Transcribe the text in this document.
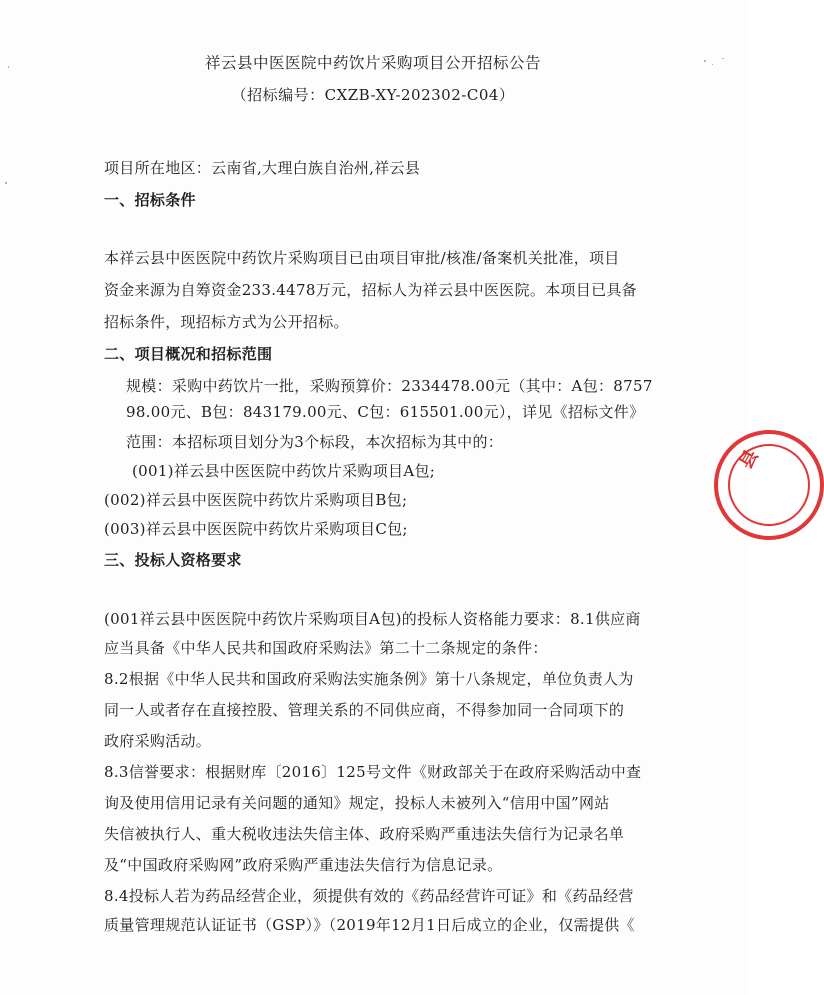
祥云县中医医院中药饮片采购项目公开招标公告
（招标编号：CXZB-XY-202302-C04）
项目所在地区：云南省,大理白族自治州,祥云县
一、招标条件
本祥云县中医医院中药饮片采购项目已由项目审批/核准/备案机关批准，项目
资金来源为自筹资金233.4478万元，招标人为祥云县中医医院。本项目已具备
招标条件，现招标方式为公开招标。
二、项目概况和招标范围
规模：采购中药饮片一批，采购预算价：2334478.00元（其中：A包：8757
98.00元、B包：843179.00元、C包：615501.00元），详见《招标文件》
范围：本招标项目划分为3个标段，本次招标为其中的：
(001)祥云县中医医院中药饮片采购项目A包;
(002)祥云县中医医院中药饮片采购项目B包;
(003)祥云县中医医院中药饮片采购项目C包;
三、投标人资格要求
(001祥云县中医医院中药饮片采购项目A包)的投标人资格能力要求：8.1供应商
应当具备《中华人民共和国政府采购法》第二十二条规定的条件：
8.2根据《中华人民共和国政府采购法实施条例》第十八条规定，单位负责人为
同一人或者存在直接控股、管理关系的不同供应商，不得参加同一合同项下的
政府采购活动。
8.3信誉要求：根据财库〔2016〕125号文件《财政部关于在政府采购活动中查
询及使用信用记录有关问题的通知》规定，投标人未被列入“信用中国”网站
失信被执行人、重大税收违法失信主体、政府采购严重违法失信行为记录名单
及“中国政府采购网”政府采购严重违法失信行为信息记录。
8.4投标人若为药品经营企业，须提供有效的《药品经营许可证》和《药品经营
质量管理规范认证证书（GSP）》（2019年12月1日后成立的企业，仅需提供《
县
